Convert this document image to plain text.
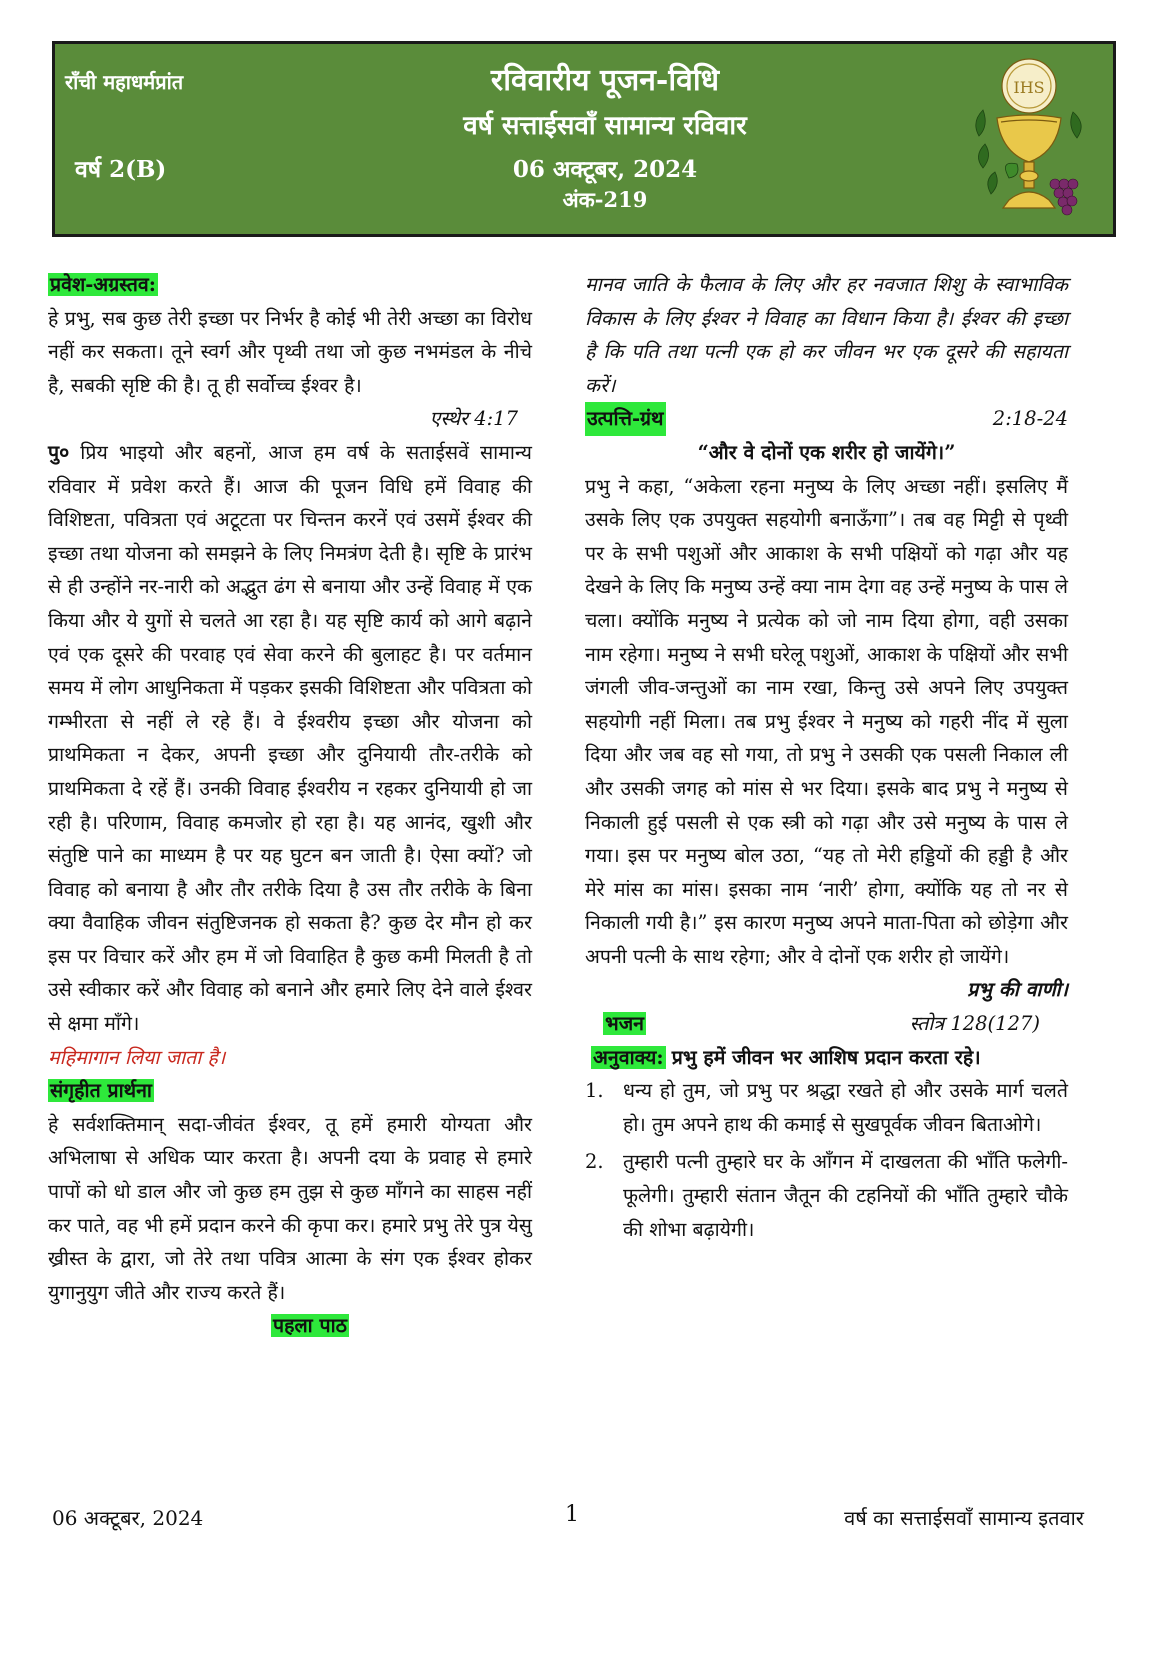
राँची महाधर्मप्रांत
वर्ष 2(B)
रविवारीय पूजन-विधि
वर्ष सत्ताईसवाँ सामान्य रविवार
06 अक्टूबर, 2024
अंक-219
IHS
प्रवेश-अग्रस्तव:

हे प्रभु, सब कुछ तेरी इच्छा पर निर्भर है कोई भी तेरी अच्छा का विरोध नहीं कर सकता। तूने स्वर्ग और पृथ्वी तथा जो कुछ नभमंडल के नीचे है, सबकी सृष्टि की है। तू ही सर्वोच्च ईश्वर है।

एस्थेर 4:17

पु० प्रिय भाइयो और बहनों, आज हम वर्ष के सताईसवें सामान्य रविवार में प्रवेश करते हैं। आज की पूजन विधि हमें विवाह की विशिष्टता, पवित्रता एवं अटूटता पर चिन्तन करनें एवं उसमें ईश्वर की इच्छा तथा योजना को समझने के लिए निमत्रंण देती है। सृष्टि के प्रारंभ से ही उन्होंने नर-नारी को अद्भुत ढंग से बनाया और उन्हें विवाह में एक किया और ये युगों से चलते आ रहा है। यह सृष्टि कार्य को आगे बढ़ाने एवं एक दूसरे की परवाह एवं सेवा करने की बुलाहट है। पर वर्तमान समय में लोग आधुनिकता में पड़कर इसकी विशिष्टता और पवित्रता को गम्भीरता से नहीं ले रहे हैं। वे ईश्वरीय इच्छा और योजना को प्राथमिकता न देकर, अपनी इच्छा और दुनियायी तौर-तरीके को प्राथमिकता दे रहें हैं। उनकी विवाह ईश्वरीय न रहकर दुनियायी हो जा रही है। परिणाम, विवाह कमजोर हो रहा है। यह आनंद, खुशी और संतुष्टि पाने का माध्यम है पर यह घुटन बन जाती है। ऐसा क्यों? जो विवाह को बनाया है और तौर तरीके दिया है उस तौर तरीके के बिना क्या वैवाहिक जीवन संतुष्टिजनक हो सकता है? कुछ देर मौन हो कर इस पर विचार करें और हम में जो विवाहित है कुछ कमी मिलती है तो उसे स्वीकार करें और विवाह को बनाने और हमारे लिए देने वाले ईश्वर से क्षमा माँगे।

महिमागान लिया जाता है।
संगृहीत प्रार्थना

हे सर्वशक्तिमान् सदा-जीवंत ईश्वर, तू हमें हमारी योग्यता और अभिलाषा से अधिक प्यार करता है। अपनी दया के प्रवाह से हमारे पापों को धो डाल और जो कुछ हम तुझ से कुछ माँगने का साहस नहीं कर पाते, वह भी हमें प्रदान करने की कृपा कर। हमारे प्रभु तेरे पुत्र येसु ख्रीस्त के द्वारा, जो तेरे तथा पवित्र आत्मा के संग एक ईश्वर होकर युगानुयुग जीते और राज्य करते हैं।

पहला पाठ

मानव जाति के फैलाव के लिए और हर नवजात शिशु के स्वाभाविक विकास के लिए ईश्वर ने विवाह का विधान किया है। ईश्वर की इच्छा है कि पति तथा पत्नी एक हो कर जीवन भर एक दूसरे की सहायता करें।

उत्पत्ति-ग्रंथ	2:18-24
“और वे दोनों एक शरीर हो जायेंगे।”

प्रभु ने कहा, “अकेला रहना मनुष्य के लिए अच्छा नहीं। इसलिए मैं उसके लिए एक उपयुक्त सहयोगी बनाऊँगा”। तब वह मिट्टी से पृथ्वी पर के सभी पशुओं और आकाश के सभी पक्षियों को गढ़ा और यह देखने के लिए कि मनुष्य उन्हें क्या नाम देगा वह उन्हें मनुष्य के पास ले चला। क्योंकि मनुष्य ने प्रत्येक को जो नाम दिया होगा, वही उसका नाम रहेगा। मनुष्य ने सभी घरेलू पशुओं, आकाश के पक्षियों और सभी जंगली जीव-जन्तुओं का नाम रखा, किन्तु उसे अपने लिए उपयुक्त सहयोगी नहीं मिला। तब प्रभु ईश्वर ने मनुष्य को गहरी नींद में सुला दिया और जब वह सो गया, तो प्रभु ने उसकी एक पसली निकाल ली और उसकी जगह को मांस से भर दिया। इसके बाद प्रभु ने मनुष्य से निकाली हुई पसली से एक स्त्री को गढ़ा और उसे मनुष्य के पास ले गया। इस पर मनुष्य बोल उठा, “यह तो मेरी हड्डियों की हड्डी है और मेरे मांस का मांस। इसका नाम ‘नारी’ होगा, क्योंकि यह तो नर से निकाली गयी है।” इस कारण मनुष्य अपने माता-पिता को छोड़ेगा और अपनी पत्नी के साथ रहेगा; और वे दोनों एक शरीर हो जायेंगे।

प्रभु की वाणी।
भजन	स्तोत्र 128(127)
अनुवाक्य: प्रभु हमें जीवन भर आशिष प्रदान करता रहे।
1. धन्य हो तुम, जो प्रभु पर श्रद्धा रखते हो और उसके मार्ग चलते हो। तुम अपने हाथ की कमाई से सुखपूर्वक जीवन बिताओगे।
2. तुम्हारी पत्नी तुम्हारे घर के आँगन में दाखलता की भाँति फलेगी-फूलेगी। तुम्हारी संतान जैतून की टहनियों की भाँति तुम्हारे चौके की शोभा बढ़ायेगी।
06 अक्टूबर, 2024	1	वर्ष का सत्ताईसवाँ सामान्य इतवार
